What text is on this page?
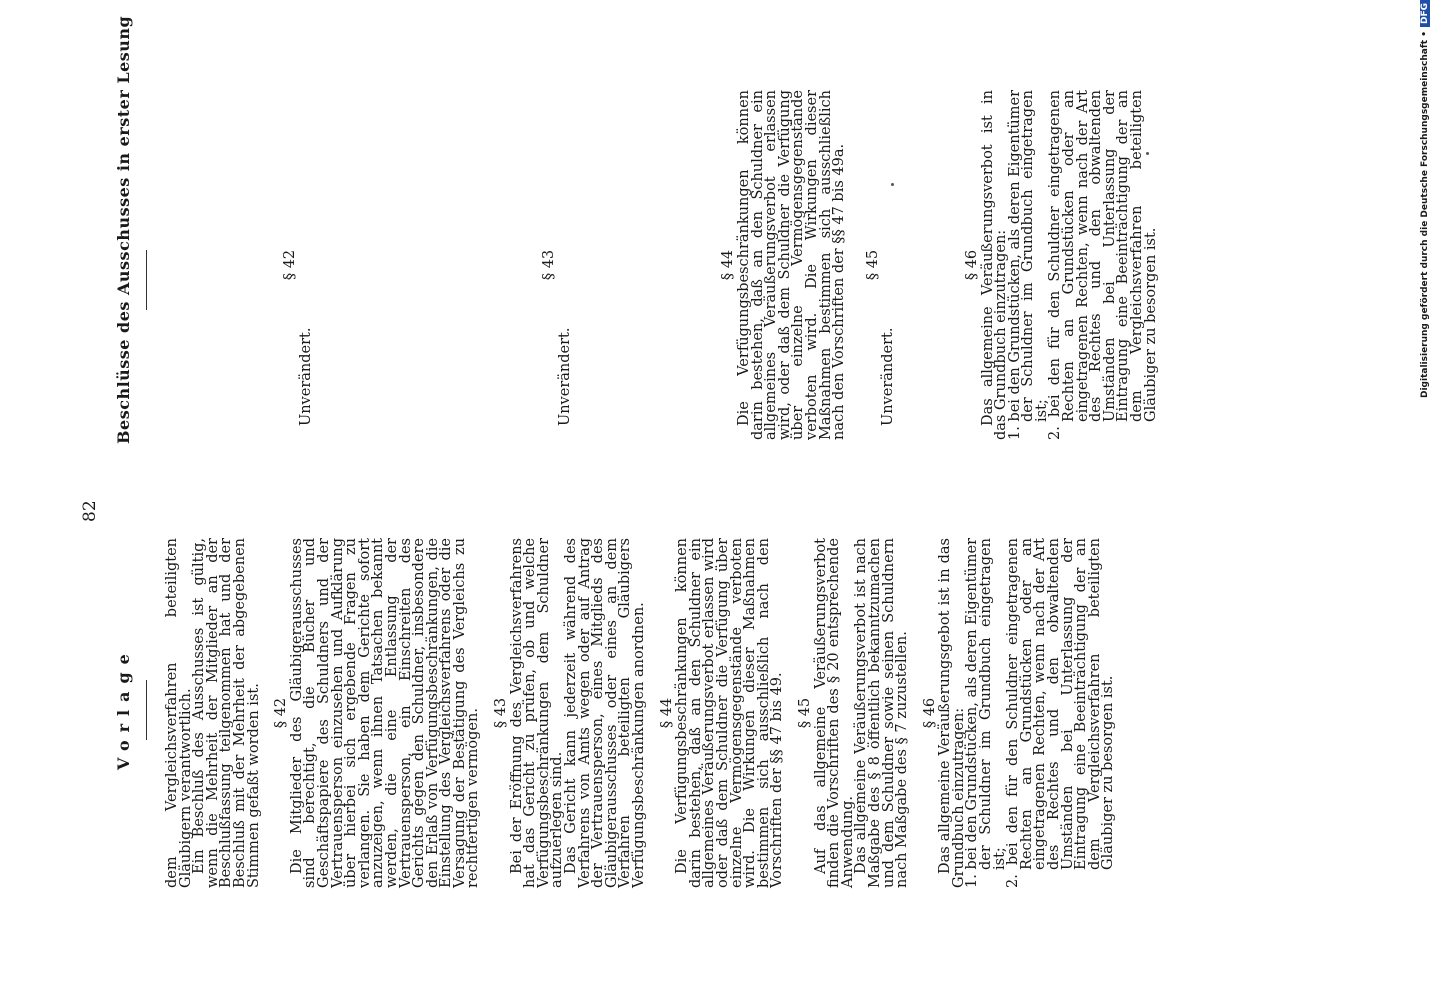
82
Vorlage
Beschlüsse des Ausschusses in erster Lesung
dem Vergleichsverfahren beteiligten Gläubigern verantwortlich.
Ein Beschluß des Ausschusses ist gültig, wenn die Mehrheit der Mitglieder an der Beschlußfassung teilgenommen hat und der Beschluß mit der Mehrheit der abgegebenen Stimmen gefaßt worden ist. § 42 Die Mitglieder des Gläubigerausschusses sind berechtigt, die Bücher und Geschäftspapiere des Schuldners und der Vertrauensperson einzusehen und Aufklärung über hierbei sich ergebende Fragen zu verlangen. Sie haben dem Gerichte sofort anzuzeigen, wenn ihnen Tatsachen bekannt werden, die eine Entlassung der Vertrauensperson, ein Einschreiten des Gerichts gegen den Schuldner, insbesondere den Erlaß von Verfügungsbeschränkungen, die Einstellung des Vergleichsverfahrens oder die Versagung der Bestätigung des Vergleichs zu rechtfertigen vermögen. § 43 Bei der Eröffnung des Vergleichsverfahrens hat das Gericht zu prüfen, ob und welche Verfügungsbeschränkungen dem Schuldner aufzuerlegen sind.
Das Gericht kann jederzeit während des Verfahrens von Amts wegen oder auf Antrag der Vertrauensperson, eines Mitglieds des Gläubigerausschusses oder eines an dem Verfahren beteiligten Gläubigers Verfügungsbeschränkungen anordnen. § 44 Die Verfügungsbeschränkungen können darin bestehen, daß an den Schuldner ein allgemeines Veräußerungsverbot erlassen wird oder daß dem Schuldner die Verfügung über einzelne Vermögensgegenstände verboten wird. Die Wirkungen dieser Maßnahmen bestimmen sich ausschließlich nach den Vorschriften der §§ 47 bis 49. § 45 Auf das allgemeine Veräußerungsverbot finden die Vorschriften des § 20 entsprechende Anwendung.
Das allgemeine Veräußerungsverbot ist nach Maßgabe des § 8 öffentlich bekanntzumachen und dem Schuldner sowie seinen Schuldnern nach Maßgabe des § 7 zuzustellen. § 46 Das allgemeine Veräußerungsgebot ist in das Grundbuch einzutragen:
1. bei den Grundstücken, als deren Eigentümer der Schuldner im Grundbuch eingetragen ist;
2. bei den für den Schuldner eingetragenen Rechten an Grundstücken oder an eingetragenen Rechten, wenn nach der Art des Rechtes und den obwaltenden Umständen bei Unterlassung der Eintragung eine Beeinträchtigung der an dem Vergleichsverfahren beteiligten Gläubiger zu besorgen ist.
§ 42
Unverändert.
§ 43
Unverändert.
§ 44 Die Verfügungsbeschränkungen können darin bestehen, daß an den Schuldner ein allgemeines Veräußerungsverbot erlassen wird, oder daß dem Schuldner die Verfügung über einzelne Vermögensgegenstände verboten wird. Die Wirkungen dieser Maßnahmen bestimmen sich ausschließlich nach den Vorschriften der §§ 47 bis 49a. § 45
Unverändert.
§ 46 Das allgemeine Veräußerungsverbot ist in das Grundbuch einzutragen:
1. bei den Grundstücken, als deren Eigentümer der Schuldner im Grundbuch eingetragen ist;
2. bei den für den Schuldner eingetragenen Rechten an Grundstücken oder an eingetragenen Rechten, wenn nach der Art des Rechtes und den obwaltenden Umständen bei Unterlassung der Eintragung eine Beeinträchtigung der an dem Vergleichsverfahren beteiligten Gläubiger zu besorgen ist.	Digitalisierung gefördert durch die Deutsche Forschungsgemeinschaft •
DFG
